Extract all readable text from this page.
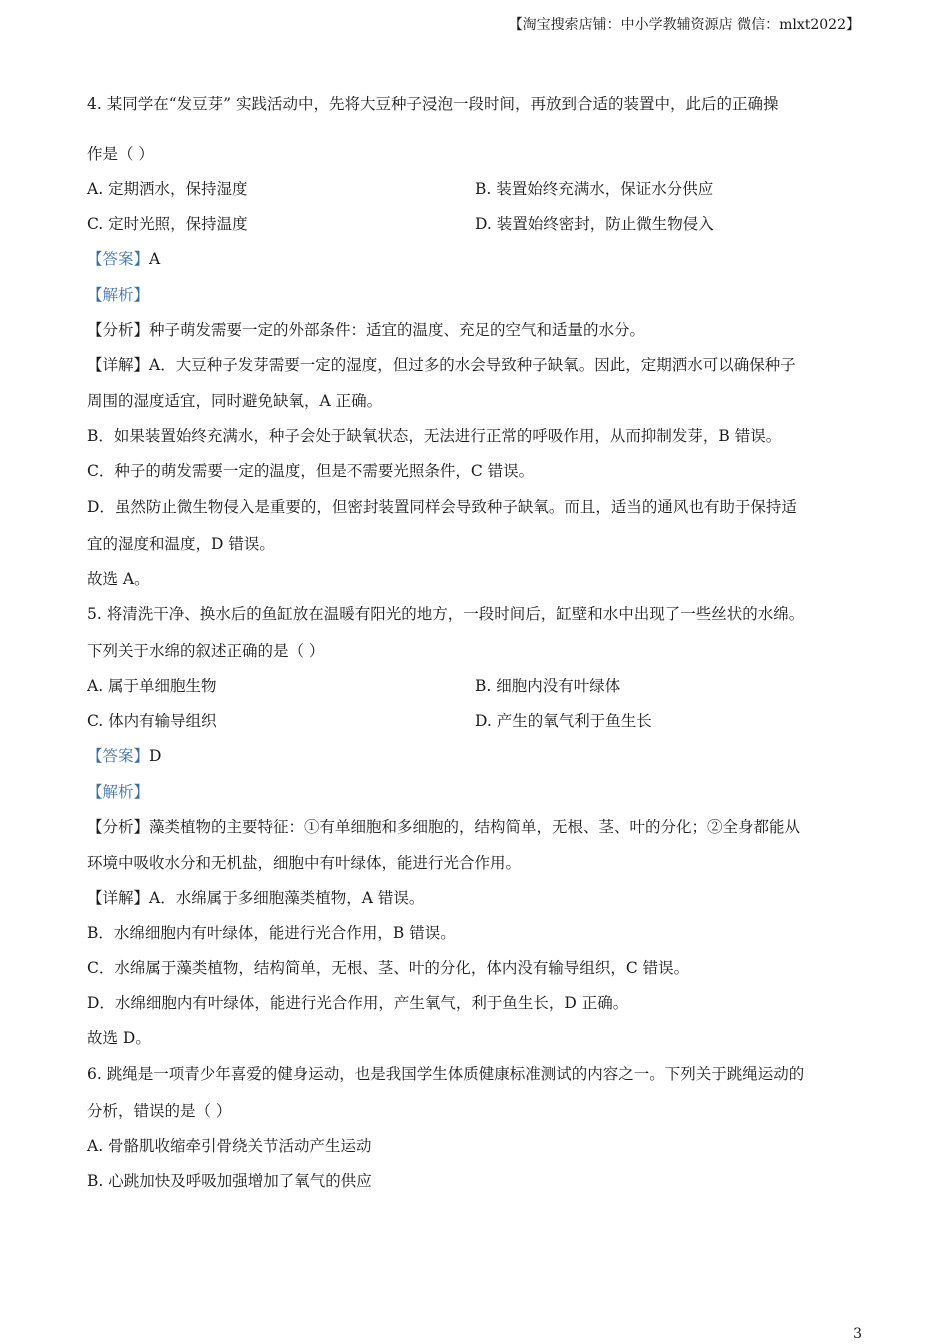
【淘宝搜索店铺：中小学教辅资源店 微信：mlxt2022】
4. 某同学在“发豆芽” 实践活动中，先将大豆种子浸泡一段时间，再放到合适的装置中，此后的正确操
作是（ ）
A. 定期洒水，保持湿度	B. 装置始终充满水，保证水分供应
C. 定时光照，保持温度	D. 装置始终密封，防止微生物侵入
【答案】A
【解析】
【分析】种子萌发需要一定的外部条件：适宜的温度、充足的空气和适量的水分。
【详解】A．大豆种子发芽需要一定的湿度，但过多的水会导致种子缺氧。因此，定期洒水可以确保种子
周围的湿度适宜，同时避免缺氧，A 正确。
B．如果装置始终充满水，种子会处于缺氧状态，无法进行正常的呼吸作用，从而抑制发芽，B 错误。
C．种子的萌发需要一定的温度，但是不需要光照条件，C 错误。
D．虽然防止微生物侵入是重要的，但密封装置同样会导致种子缺氧。而且，适当的通风也有助于保持适
宜的湿度和温度，D 错误。
故选 A。
5. 将清洗干净、换水后的鱼缸放在温暖有阳光的地方，一段时间后，缸壁和水中出现了一些丝状的水绵。
下列关于水绵的叙述正确的是（ ）
A. 属于单细胞生物	B. 细胞内没有叶绿体
C. 体内有输导组织	D. 产生的氧气利于鱼生长
【答案】D
【解析】
【分析】藻类植物的主要特征：①有单细胞和多细胞的，结构简单，无根、茎、叶的分化；②全身都能从
环境中吸收水分和无机盐，细胞中有叶绿体，能进行光合作用。
【详解】A．水绵属于多细胞藻类植物，A 错误。
B．水绵细胞内有叶绿体，能进行光合作用，B 错误。
C．水绵属于藻类植物，结构简单，无根、茎、叶的分化，体内没有输导组织，C 错误。
D．水绵细胞内有叶绿体，能进行光合作用，产生氧气，利于鱼生长，D 正确。
故选 D。
6. 跳绳是一项青少年喜爱的健身运动，也是我国学生体质健康标准测试的内容之一。下列关于跳绳运动的
分析，错误的是（ ）
A. 骨骼肌收缩牵引骨绕关节活动产生运动
B. 心跳加快及呼吸加强增加了氧气的供应
3
